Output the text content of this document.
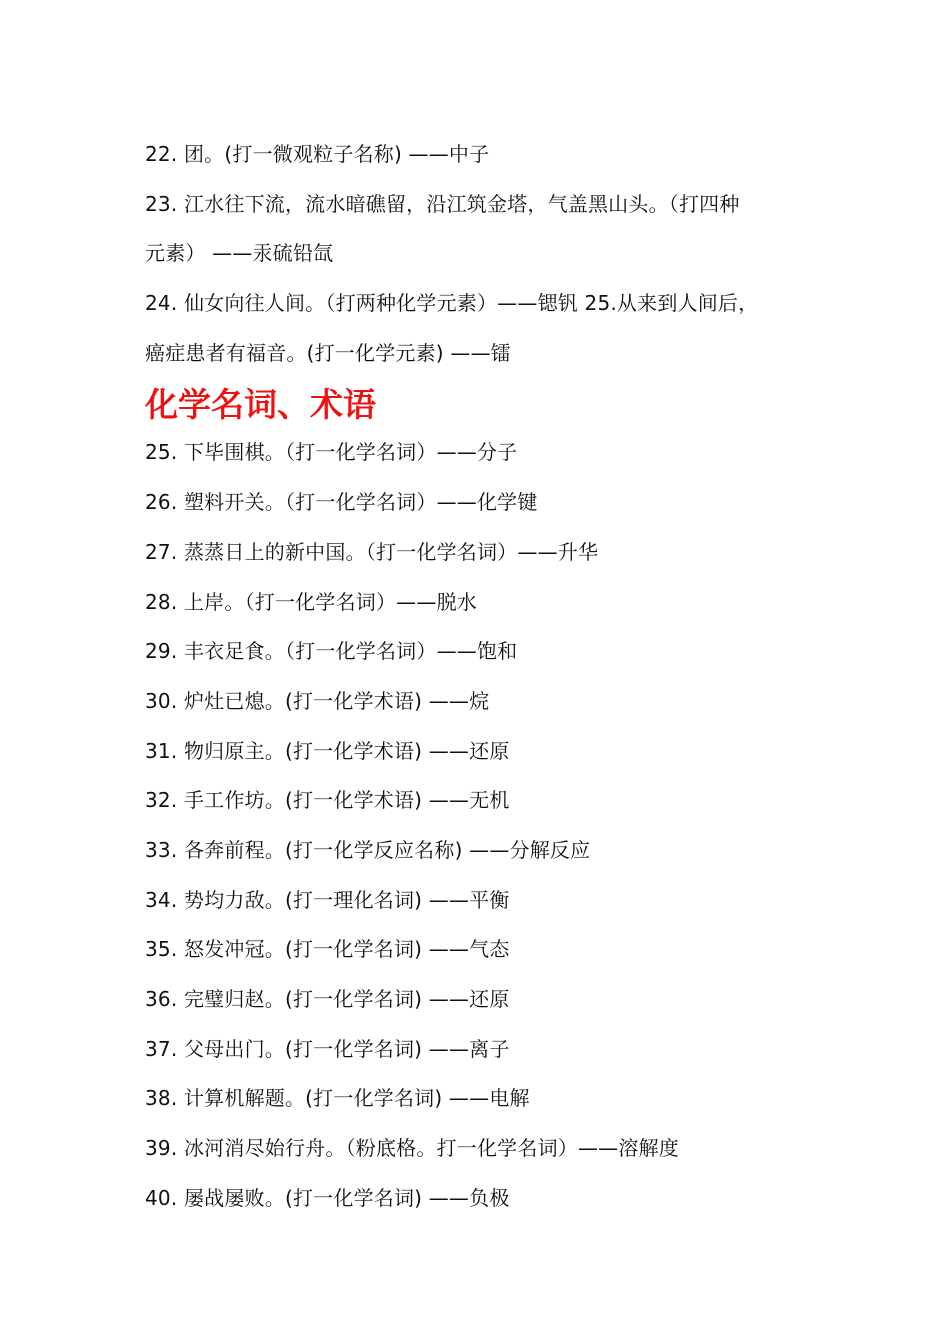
22. 团。(打一微观粒子名称) ——中子
23. 江水往下流，流水暗礁留，沿江筑金塔，气盖黑山头。（打四种
元素） ——汞硫铅氙
24. 仙女向往人间。（打两种化学元素）——锶钒 25.从来到人间后，
癌症患者有福音。(打一化学元素) ——镭
化学名词、术语
25. 下毕围棋。（打一化学名词）——分子
26. 塑料开关。（打一化学名词）——化学键
27. 蒸蒸日上的新中国。（打一化学名词）——升华
28. 上岸。（打一化学名词）——脱水
29. 丰衣足食。（打一化学名词）——饱和
30. 炉灶已熄。(打一化学术语) ——烷
31. 物归原主。(打一化学术语) ——还原
32. 手工作坊。(打一化学术语) ——无机
33. 各奔前程。(打一化学反应名称) ——分解反应
34. 势均力敌。(打一理化名词) ——平衡
35. 怒发冲冠。(打一化学名词) ——气态
36. 完璧归赵。(打一化学名词) ——还原
37. 父母出门。(打一化学名词) ——离子
38. 计算机解题。(打一化学名词) ——电解
39. 冰河消尽始行舟。（粉底格。打一化学名词）——溶解度
40. 屡战屡败。(打一化学名词) ——负极
